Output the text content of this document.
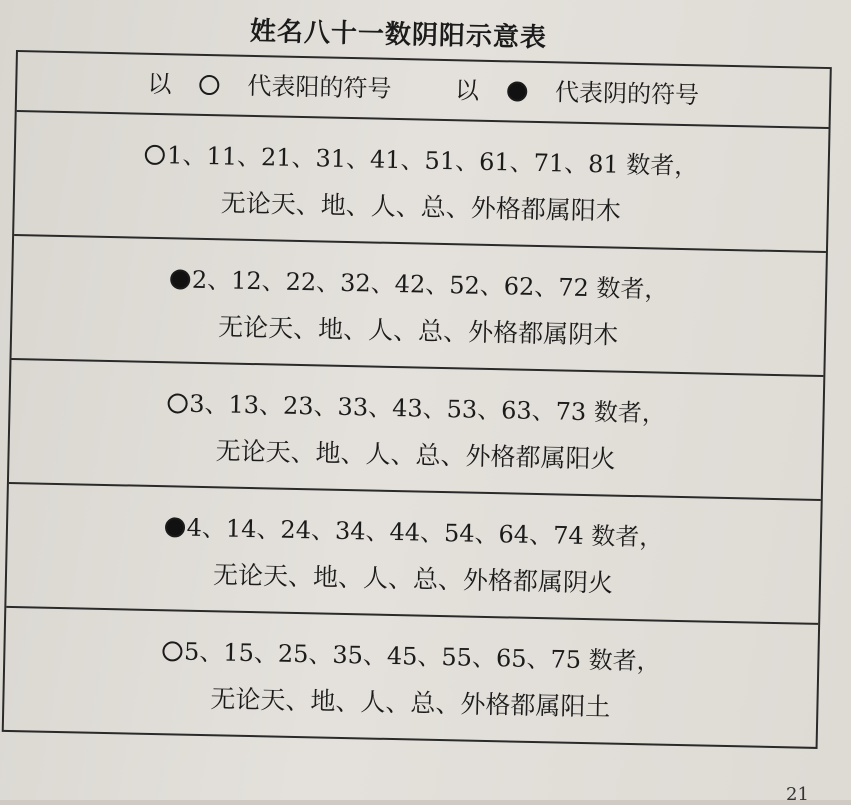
姓名八十一数阴阳示意表
以	代表阳的符号	以	代表阴的符号
1、11、21、31、41、51、61、71、81 数者，
无论天、地、人、总、外格都属阳木
2、12、22、32、42、52、62、72 数者，
无论天、地、人、总、外格都属阴木
3、13、23、33、43、53、63、73 数者，
无论天、地、人、总、外格都属阳火
4、14、24、34、44、54、64、74 数者，
无论天、地、人、总、外格都属阴火
5、15、25、35、45、55、65、75 数者，
无论天、地、人、总、外格都属阳土
21
